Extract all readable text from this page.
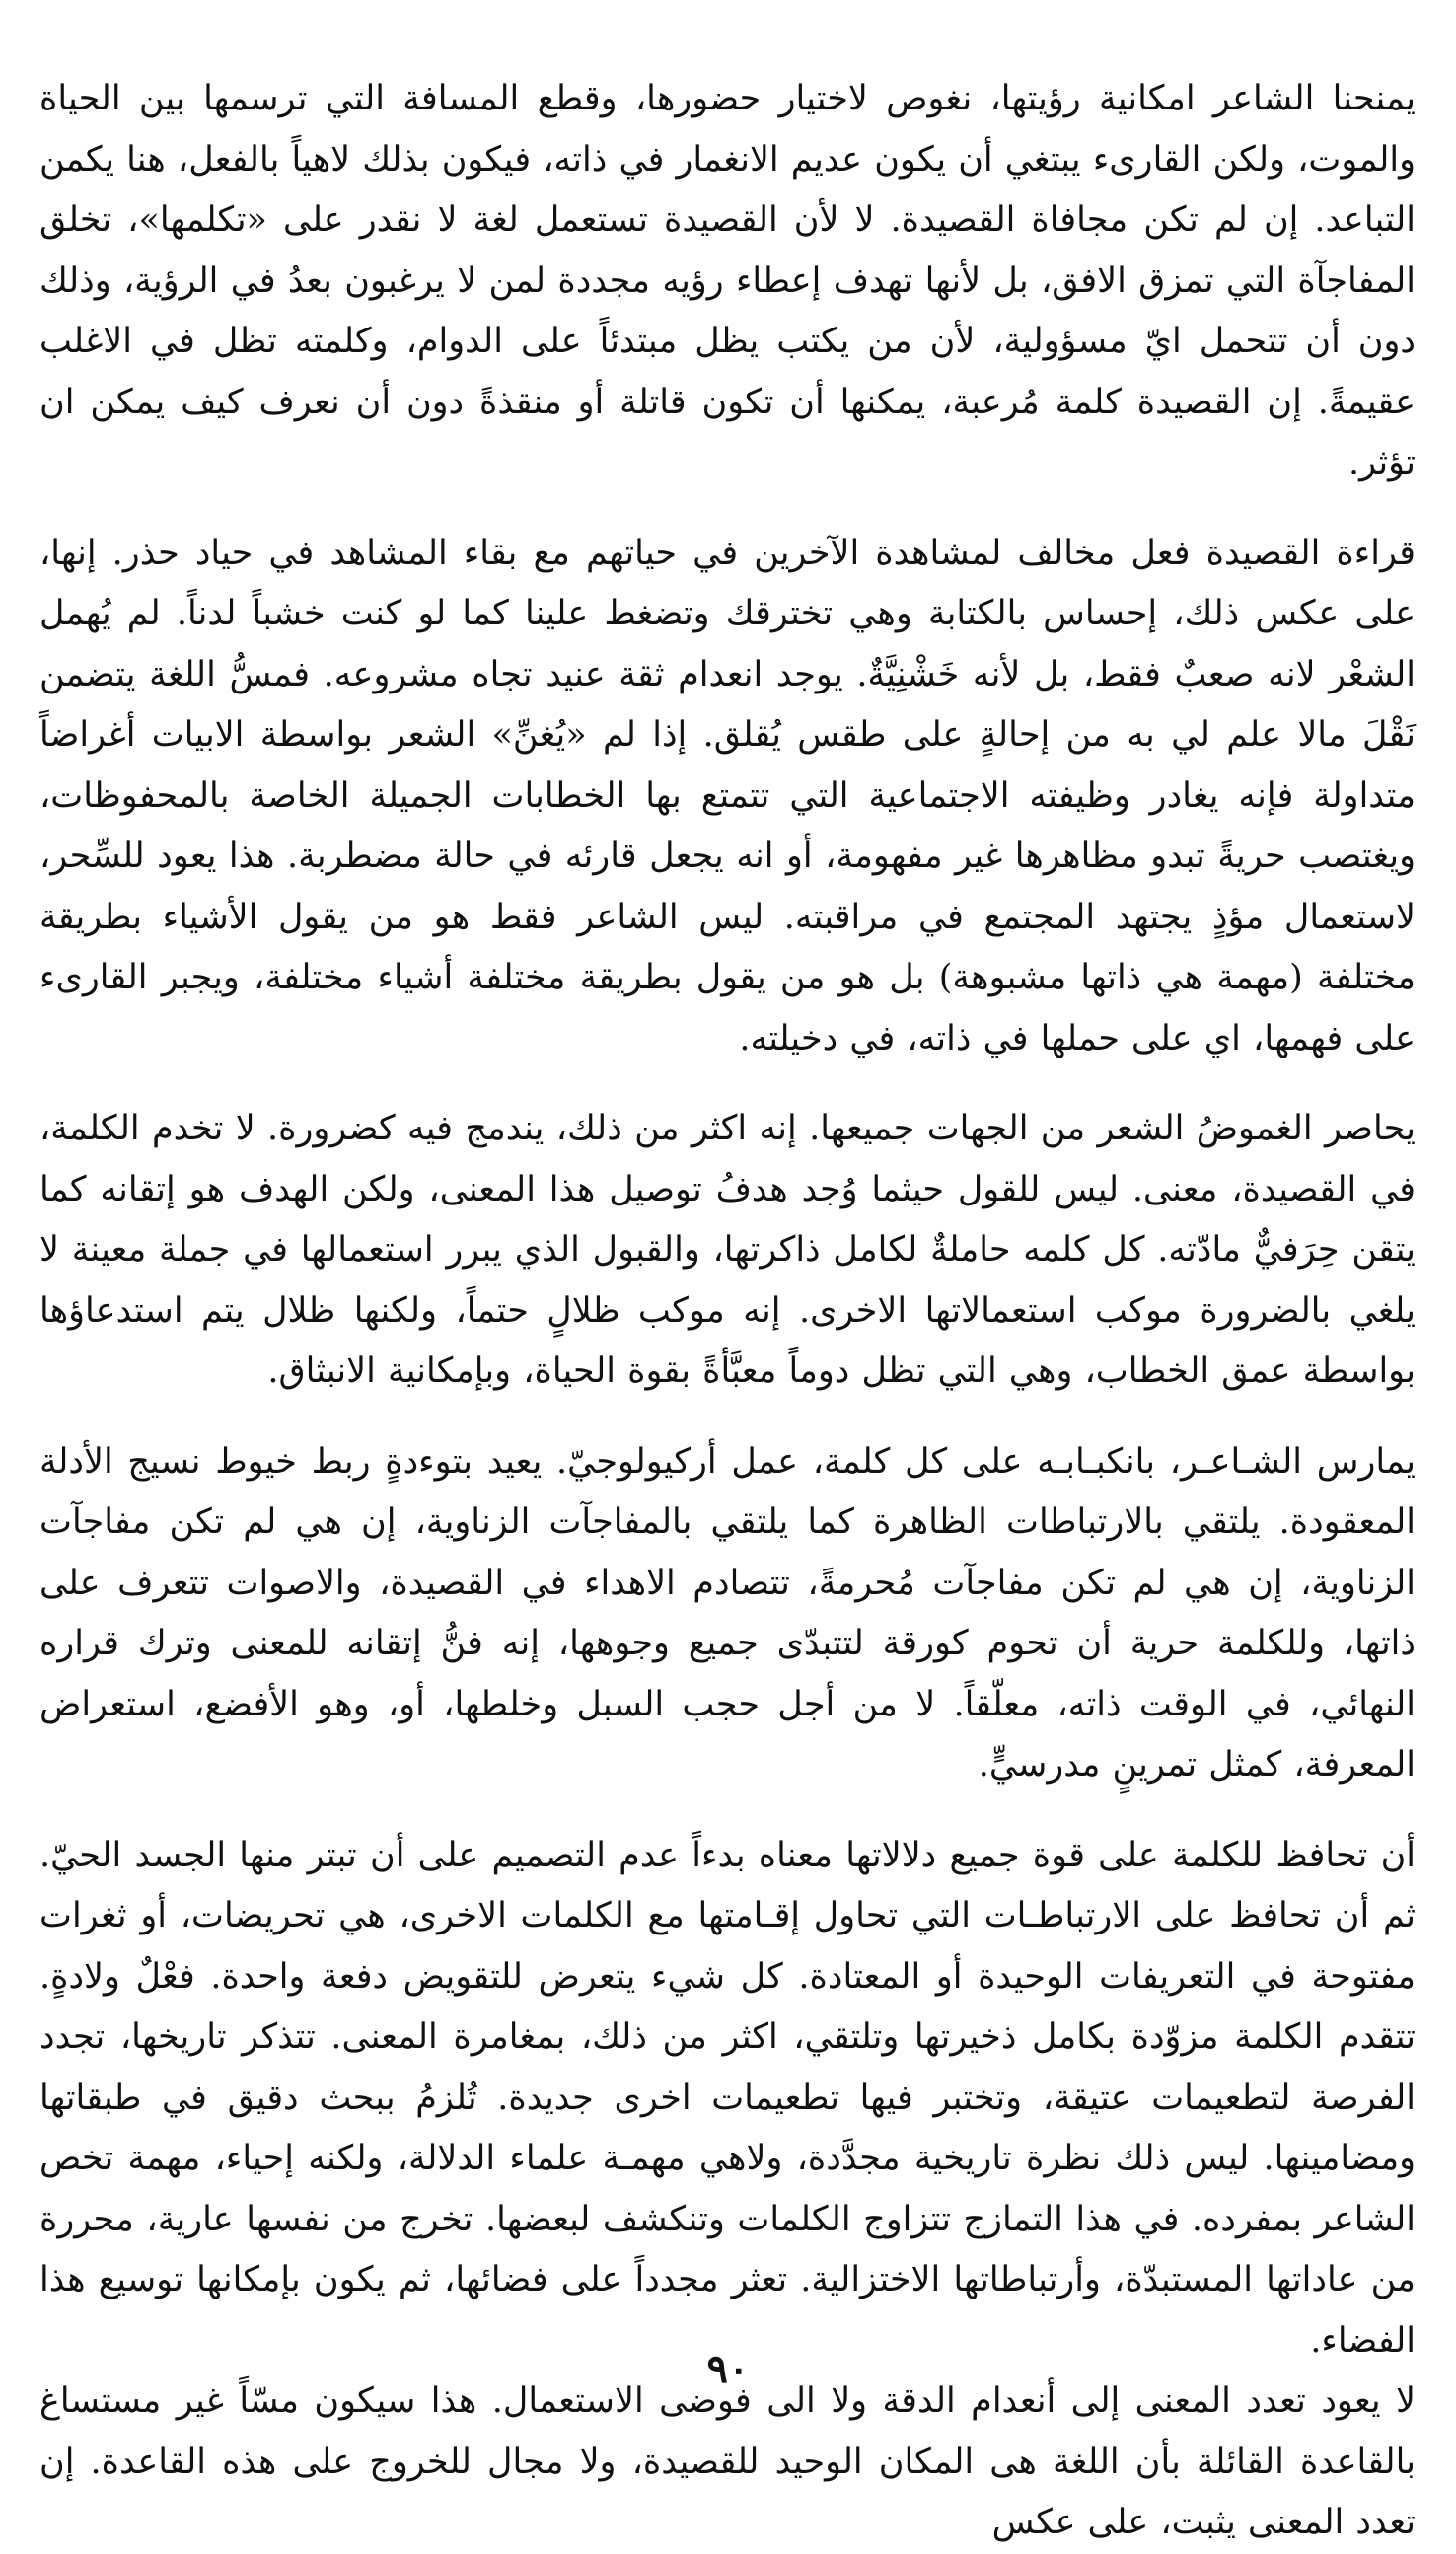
يمنحنا الشاعر امكانية رؤيتها، نغوص لاختيار حضورها، وقطع المسافة التي ترسمها بين الحياة والموت، ولكن القارىء يبتغي أن يكون عديم الانغمار في ذاته، فيكون بذلك لاهياً بالفعل، هنا يكمن التباعد. إن لم تكن مجافاة القصيدة. لا لأن القصيدة تستعمل لغة لا نقدر على «تكلمها»، تخلق المفاجآة التي تمزق الافق، بل لأنها تهدف إعطاء رؤيه مجددة لمن لا يرغبون بعدُ في الرؤية، وذلك دون أن تتحمل ايّ مسؤولية، لأن من يكتب يظل مبتدئاً على الدوام، وكلمته تظل في الاغلب عقيمةً. إن القصيدة كلمة مُرعبة، يمكنها أن تكون قاتلة أو منقذةً دون أن نعرف كيف يمكن ان تؤثر.

قراءة القصيدة فعل مخالف لمشاهدة الآخرين في حياتهم مع بقاء المشاهد في حياد حذر. إنها، على عكس ذلك، إحساس بالكتابة وهي تخترقك وتضغط علينا كما لو كنت خشباً لدناً. لم يُهمل الشعْر لانه صعبٌ فقط، بل لأنه خَشْنِيَّةٌ. يوجد انعدام ثقة عنيد تجاه مشروعه. فمسُّ اللغة يتضمن نَقْلَ مالا علم لي به من إحالةٍ على طقس يُقلق. إذا لم «يُغنِّ» الشعر بواسطة الابيات أغراضاً متداولة فإنه يغادر وظيفته الاجتماعية التي تتمتع بها الخطابات الجميلة الخاصة بالمحفوظات، ويغتصب حريةً تبدو مظاهرها غير مفهومة، أو انه يجعل قارئه في حالة مضطربة. هذا يعود للسِّحر، لاستعمال مؤذٍ يجتهد المجتمع في مراقبته. ليس الشاعر فقط هو من يقول الأشياء بطريقة مختلفة (مهمة هي ذاتها مشبوهة) بل هو من يقول بطريقة مختلفة أشياء مختلفة، ويجبر القارىء على فهمها، اي على حملها في ذاته، في دخيلته.

يحاصر الغموضُ الشعر من الجهات جميعها. إنه اكثر من ذلك، يندمج فيه كضرورة. لا تخدم الكلمة، في القصيدة، معنى. ليس للقول حيثما وُجد هدفُ توصيل هذا المعنى، ولكن الهدف هو إتقانه كما يتقن حِرَفيٌّ مادّته. كل كلمه حاملةٌ لكامل ذاكرتها، والقبول الذي يبرر استعمالها في جملة معينة لا يلغي بالضرورة موكب استعمالاتها الاخرى. إنه موكب ظلالٍ حتماً، ولكنها ظلال يتم استدعاؤها بواسطة عمق الخطاب، وهي التي تظل دوماً معبَّأةً بقوة الحياة، وبإمكانية الانبثاق.

يمارس الشـاعـر، بانكبـابـه على كل كلمة، عمل أركيولوجيّ. يعيد بتوءدةٍ ربط خيوط نسيج الأدلة المعقودة. يلتقي بالارتباطات الظاهرة كما يلتقي بالمفاجآت الزناوية، إن هي لم تكن مفاجآت الزناوية، إن هي لم تكن مفاجآت مُحرمةً، تتصادم الاهداء في القصيدة، والاصوات تتعرف على ذاتها، وللكلمة حرية أن تحوم كورقة لتتبدّى جميع وجوهها، إنه فنُّ إتقانه للمعنى وترك قراره النهائي، في الوقت ذاته، معلّقاً. لا من أجل حجب السبل وخلطها، أو، وهو الأفضع، استعراض المعرفة، كمثل تمرينٍ مدرسيٍّ.

أن تحافظ للكلمة على قوة جميع دلالاتها معناه بدءاً عدم التصميم على أن تبتر منها الجسد الحيّ. ثم أن تحافظ على الارتباطـات التي تحاول إقـامتها مع الكلمات الاخرى، هي تحريضات، أو ثغرات مفتوحة في التعريفات الوحيدة أو المعتادة. كل شيء يتعرض للتقويض دفعة واحدة. فعْلٌ ولادةٍ. تتقدم الكلمة مزوّدة بكامل ذخيرتها وتلتقي، اكثر من ذلك، بمغامرة المعنى. تتذكر تاريخها، تجدد الفرصة لتطعيمات عتيقة، وتختبر فيها تطعيمات اخرى جديدة. تُلزمُ ببحث دقيق في طبقاتها ومضامينها. ليس ذلك نظرة تاريخية مجدَّدة، ولاهي مهمـة علماء الدلالة، ولكنه إحياء، مهمة تخص الشاعر بمفرده. في هذا التمازج تتزاوج الكلمات وتنكشف لبعضها. تخرج من نفسها عارية، محررة من عاداتها المستبدّة، وأرتباطاتها الاختزالية. تعثر مجدداً على فضائها، ثم يكون بإمكانها توسيع هذا الفضاء.

لا يعود تعدد المعنى إلى أنعدام الدقة ولا الى فوضى الاستعمال. هذا سيكون مسّاً غير مستساغ بالقاعدة القائلة بأن اللغة هى المكان الوحيد للقصيدة، ولا مجال للخروج على هذه القاعدة. إن تعدد المعنى يثبت، على عكس

٩٠
